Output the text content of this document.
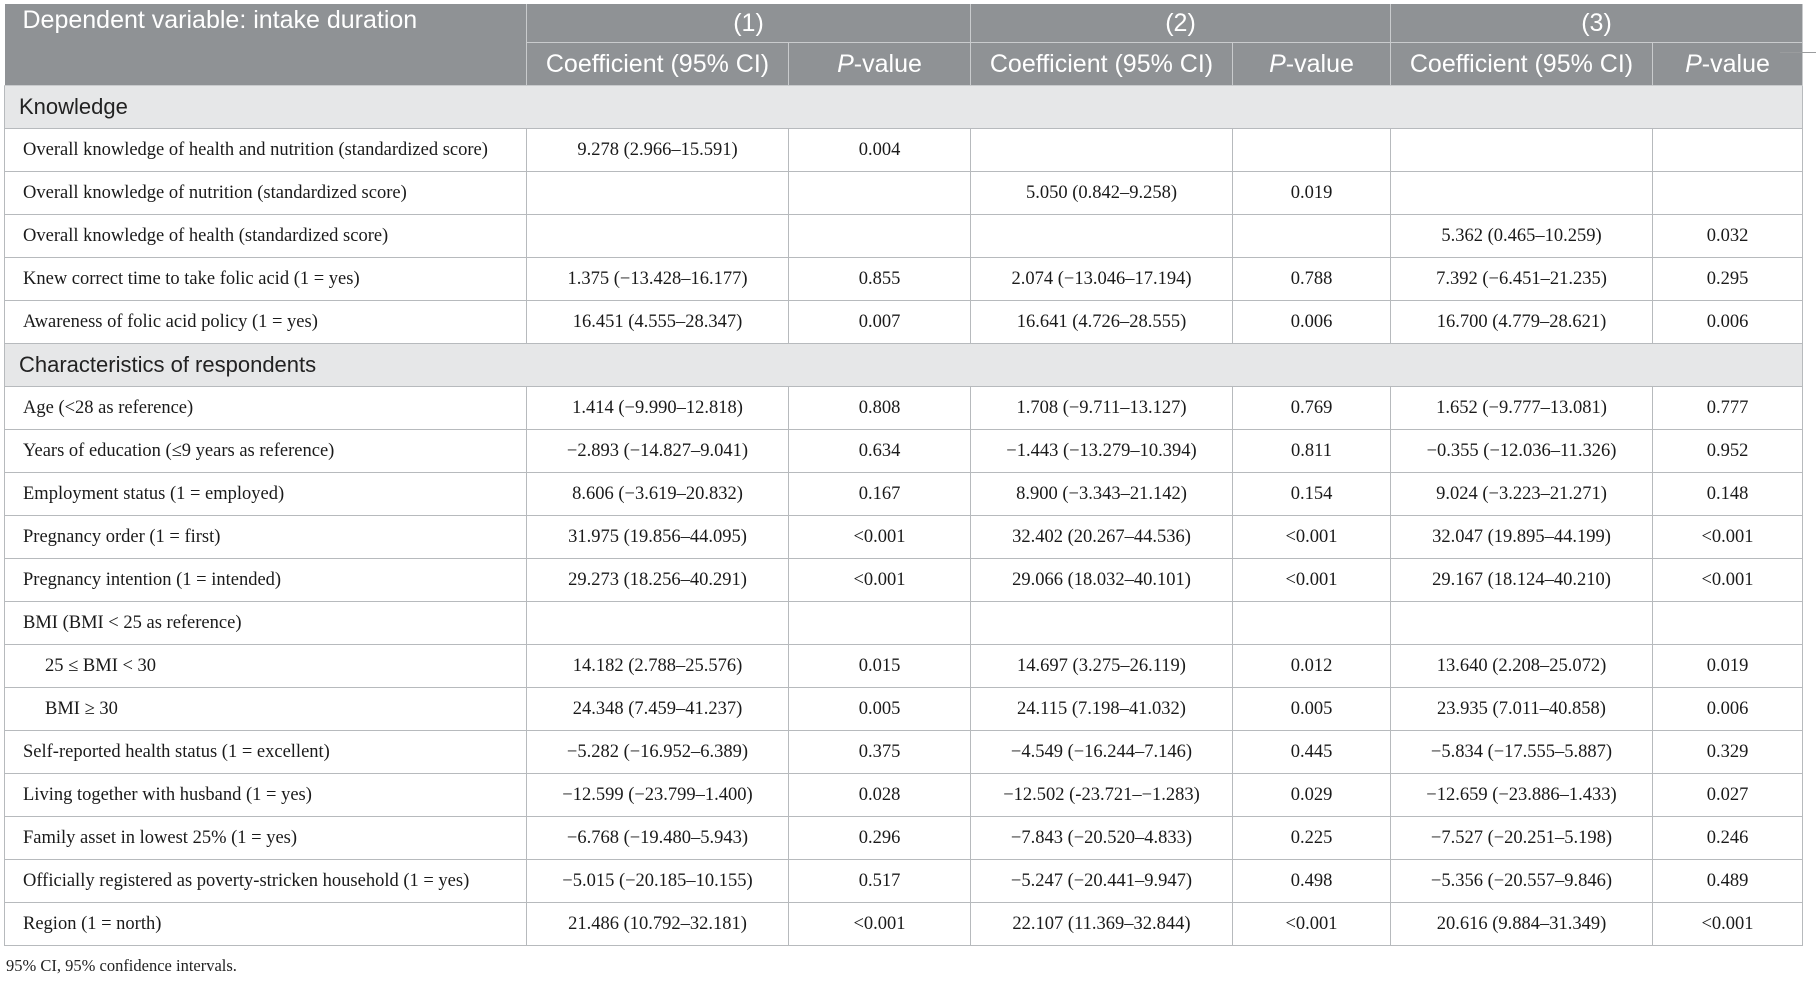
Dependent variable: intake duration	(1)		(2)		(3)	
	Coefficient (95% CI)	P-value	Coefficient (95% CI)	P-value	Coefficient (95% CI)	P-value
Knowledge						
Overall knowledge of health and nutrition (standardized score)	9.278 (2.966–15.591)	0.004				
Overall knowledge of nutrition (standardized score)			5.050 (0.842–9.258)	0.019		
Overall knowledge of health (standardized score)					5.362 (0.465–10.259)	0.032
Knew correct time to take folic acid (1 = yes)	1.375 (−13.428–16.177)	0.855	2.074 (−13.046–17.194)	0.788	7.392 (−6.451–21.235)	0.295
Awareness of folic acid policy (1 = yes)	16.451 (4.555–28.347)	0.007	16.641 (4.726–28.555)	0.006	16.700 (4.779–28.621)	0.006
Characteristics of respondents						
Age (<28 as reference)	1.414 (−9.990–12.818)	0.808	1.708 (−9.711–13.127)	0.769	1.652 (−9.777–13.081)	0.777
Years of education (≤9 years as reference)	−2.893 (−14.827–9.041)	0.634	−1.443 (−13.279–10.394)	0.811	−0.355 (−12.036–11.326)	0.952
Employment status (1 = employed)	8.606 (−3.619–20.832)	0.167	8.900 (−3.343–21.142)	0.154	9.024 (−3.223–21.271)	0.148
Pregnancy order (1 = first)	31.975 (19.856–44.095)	<0.001	32.402 (20.267–44.536)	<0.001	32.047 (19.895–44.199)	<0.001
Pregnancy intention (1 = intended)	29.273 (18.256–40.291)	<0.001	29.066 (18.032–40.101)	<0.001	29.167 (18.124–40.210)	<0.001
BMI (BMI < 25 as reference)						
25 ≤ BMI < 30	14.182 (2.788–25.576)	0.015	14.697 (3.275–26.119)	0.012	13.640 (2.208–25.072)	0.019
BMI ≥ 30	24.348 (7.459–41.237)	0.005	24.115 (7.198–41.032)	0.005	23.935 (7.011–40.858)	0.006
Self-reported health status (1 = excellent)	−5.282 (−16.952–6.389)	0.375	−4.549 (−16.244–7.146)	0.445	−5.834 (−17.555–5.887)	0.329
Living together with husband (1 = yes)	−12.599 (−23.799–1.400)	0.028	−12.502 (-23.721–−1.283)	0.029	−12.659 (−23.886–1.433)	0.027
Family asset in lowest 25% (1 = yes)	−6.768 (−19.480–5.943)	0.296	−7.843 (−20.520–4.833)	0.225	−7.527 (−20.251–5.198)	0.246
Officially registered as poverty-stricken household (1 = yes)	−5.015 (−20.185–10.155)	0.517	−5.247 (−20.441–9.947)	0.498	−5.356 (−20.557–9.846)	0.489
Region (1 = north)	21.486 (10.792–32.181)	<0.001	22.107 (11.369–32.844)	<0.001	20.616 (9.884–31.349)	<0.001
95% CI, 95% confidence intervals.
